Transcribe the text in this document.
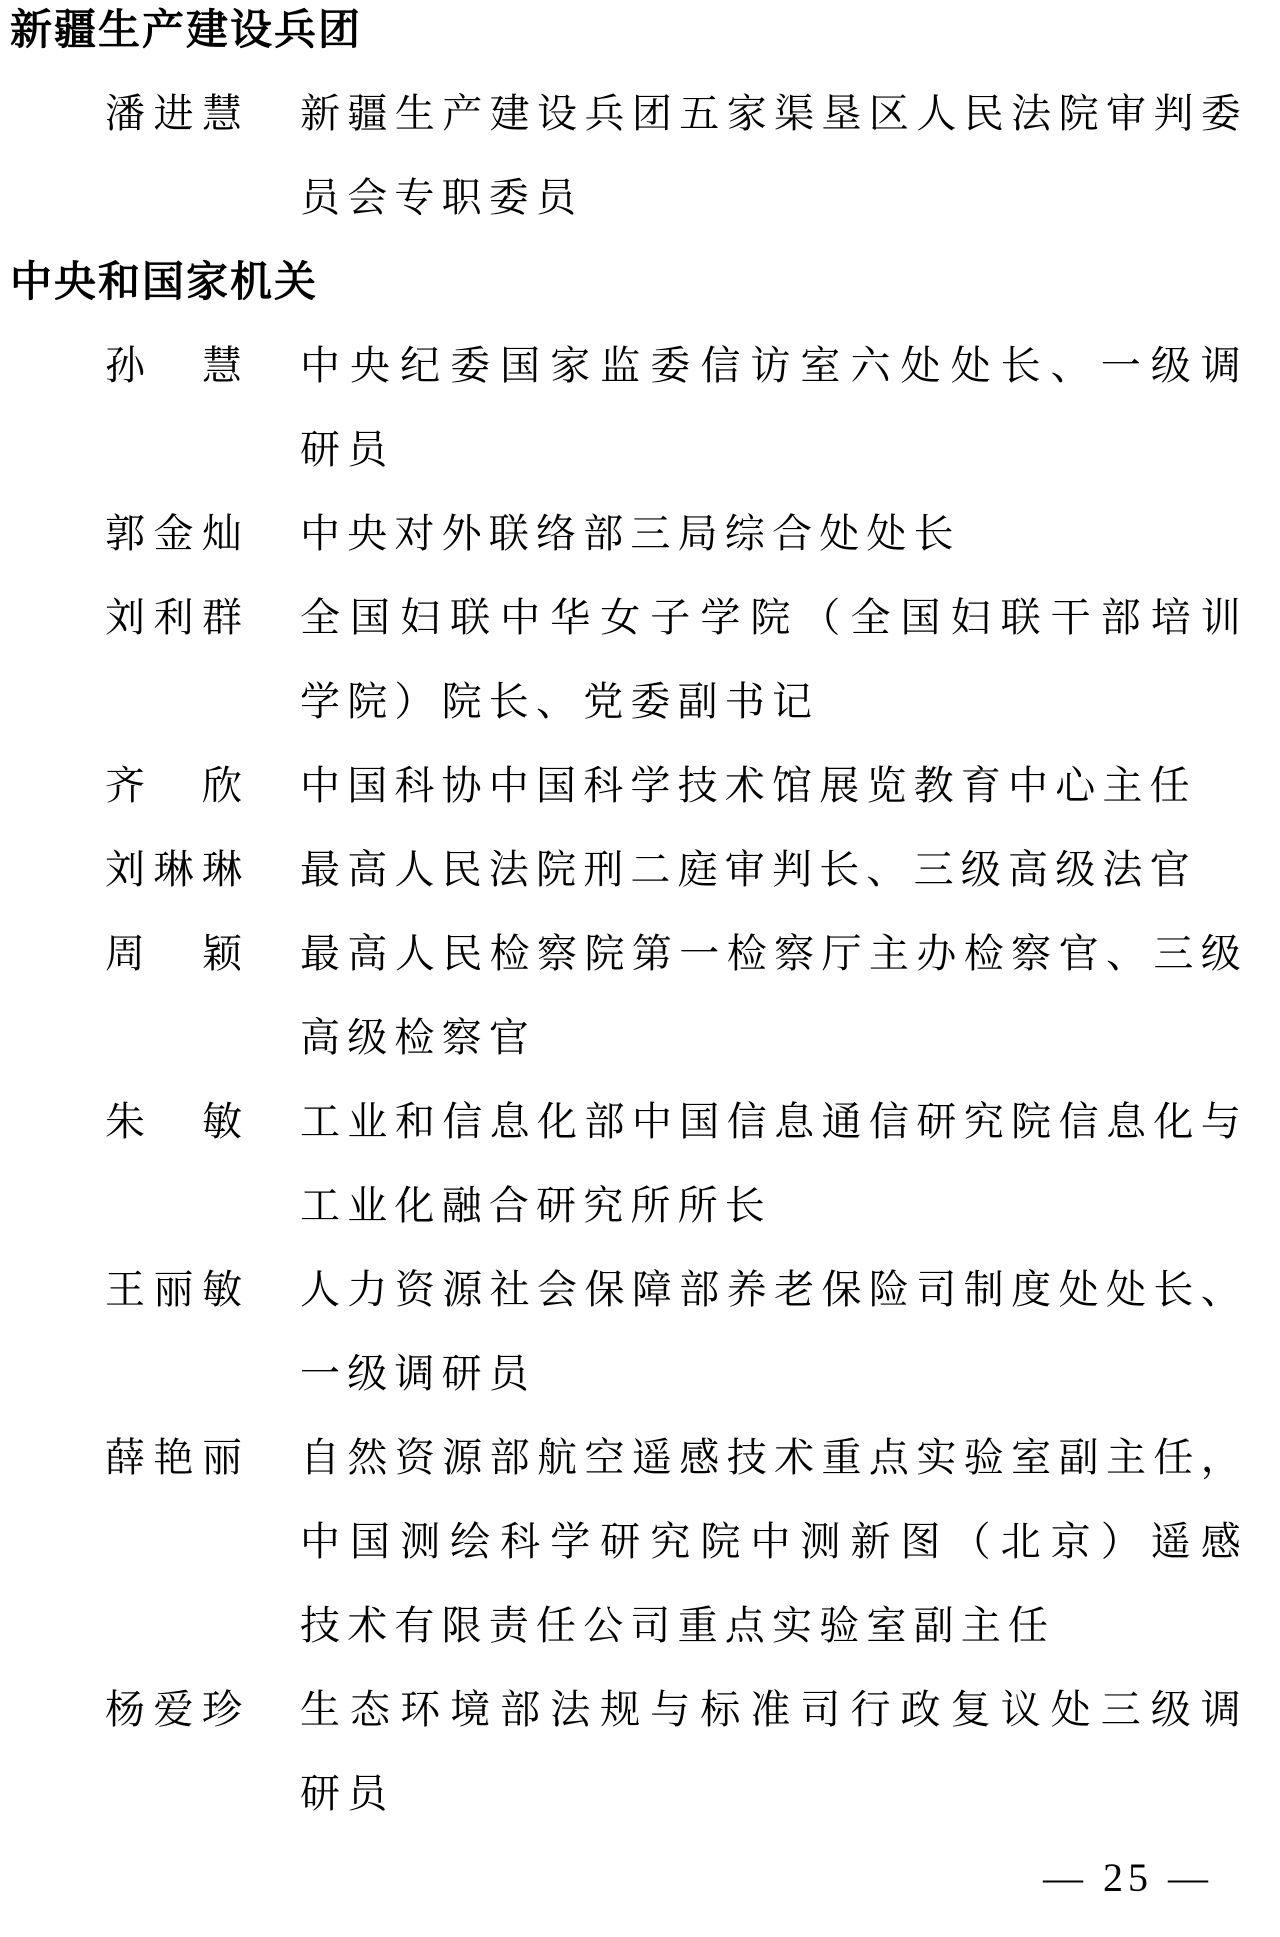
新疆生产建设兵团
潘进慧 新疆生产建设兵团五家渠垦区人民法院审判委
员会专职委员
中央和国家机关
孙慧 中央纪委国家监委信访室六处处长、一级调
研员
郭金灿 中央对外联络部三局综合处处长
刘利群 全国妇联中华女子学院（全国妇联干部培训
学院）院长、党委副书记
齐欣 中国科协中国科学技术馆展览教育中心主任
刘琳琳 最高人民法院刑二庭审判长、三级高级法官
周颖 最高人民检察院第一检察厅主办检察官、三级
高级检察官
朱敏 工业和信息化部中国信息通信研究院信息化与
工业化融合研究所所长
王丽敏 人力资源社会保障部养老保险司制度处处长、
一级调研员
薛艳丽 自然资源部航空遥感技术重点实验室副主任，
中国测绘科学研究院中测新图（北京）遥感
技术有限责任公司重点实验室副主任
杨爱珍 生态环境部法规与标准司行政复议处三级调
研员
— 25 —
